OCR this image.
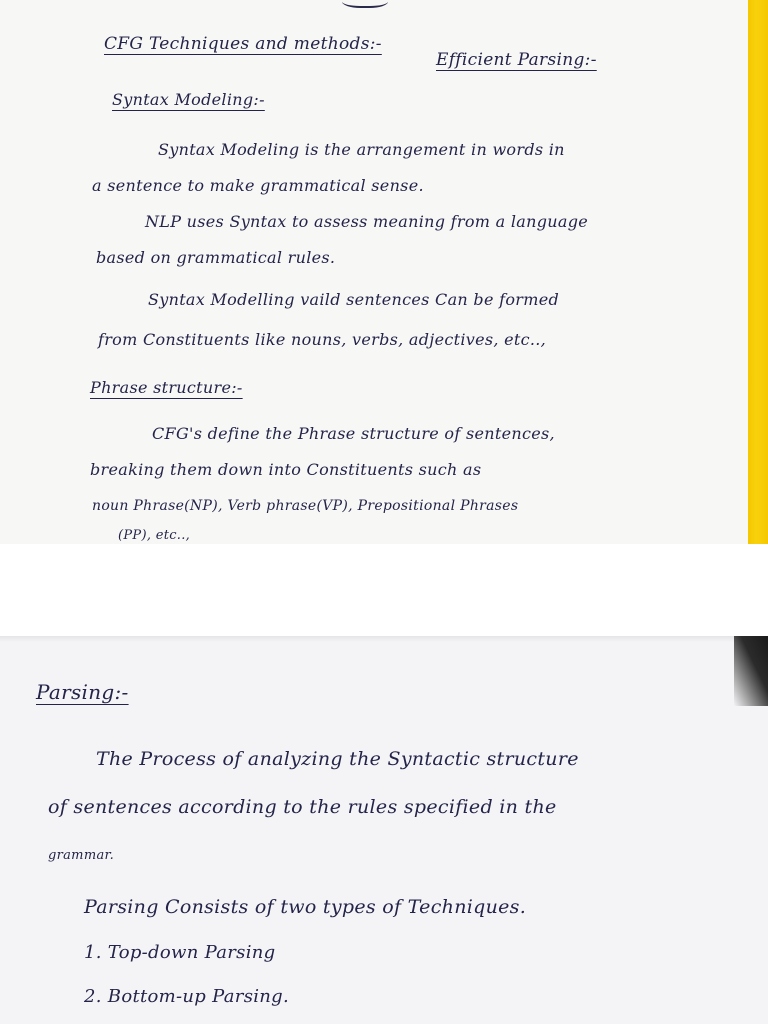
CFG Techniques and methods:-
Efficient Parsing:-
Syntax Modeling:-
Syntax Modeling is the arrangement in words in
a sentence to make grammatical sense.
NLP uses Syntax to assess meaning from a language
based on grammatical rules.
Syntax Modelling vaild sentences Can be formed
from Constituents like nouns, verbs, adjectives, etc..,
Phrase structure:-
CFG's define the Phrase structure of sentences,
breaking them down into Constituents such as
noun Phrase(NP), Verb phrase(VP), Prepositional Phrases
(PP), etc..,
Parsing:-
The Process of analyzing the Syntactic structure
of sentences according to the rules specified in the
grammar.
Parsing Consists of two types of Techniques.
1. Top-down Parsing
2. Bottom-up Parsing.
